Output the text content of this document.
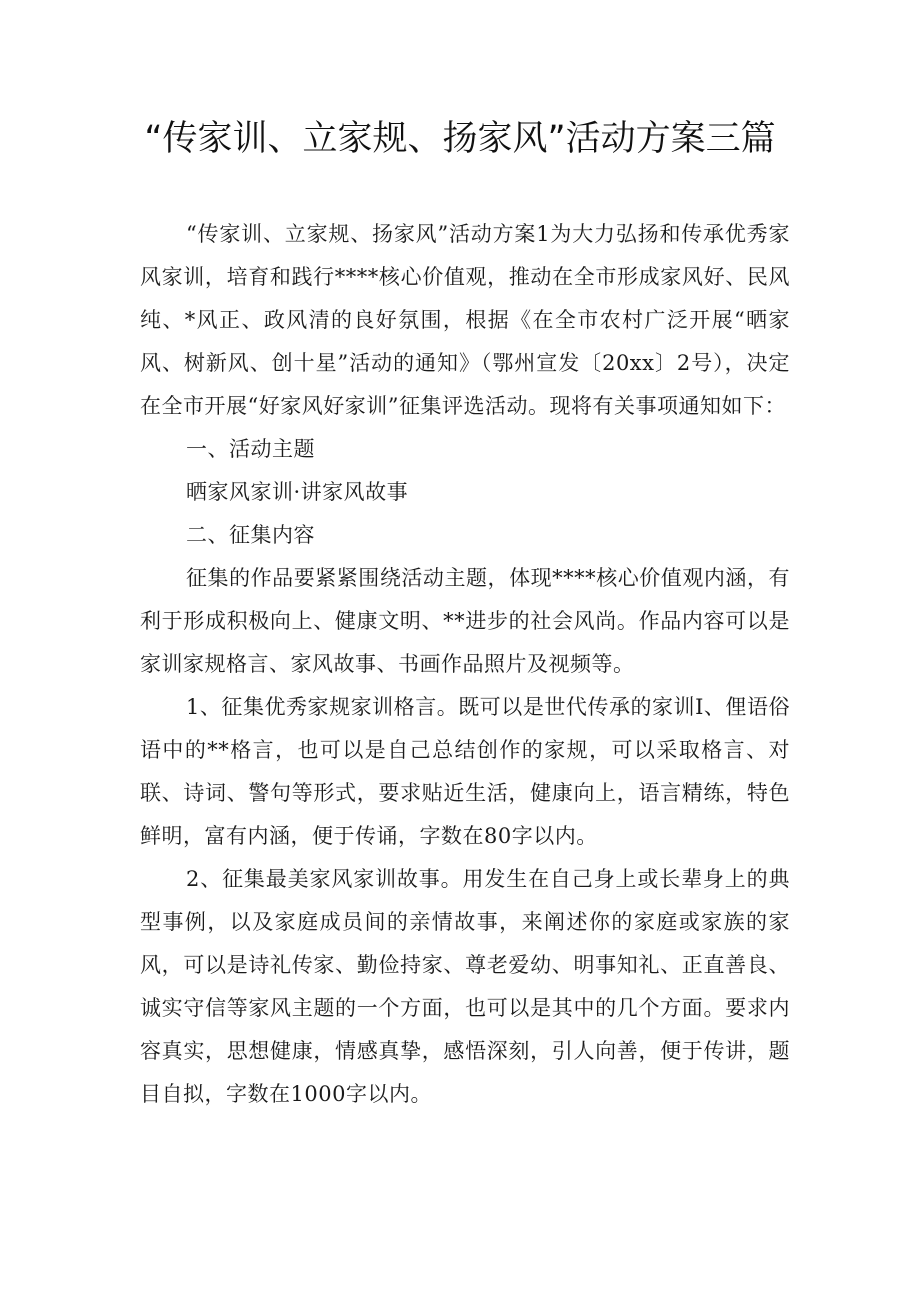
“传家训、立家规、扬家风”活动方案三篇

“传家训、立家规、扬家风”活动方案1为大力弘扬和传承优秀家风家训，培育和践行****核心价值观，推动在全市形成家风好、民风纯、*风正、政风清的良好氛围，根据《在全市农村广泛开展“晒家风、树新风、创十星”活动的通知》（鄂州宣发〔20xx〕2号），决定在全市开展“好家风好家训”征集评选活动。现将有关事项通知如下：

一、活动主题

晒家风家训·讲家风故事

二、征集内容

征集的作品要紧紧围绕活动主题，体现****核心价值观内涵，有利于形成积极向上、健康文明、**进步的社会风尚。作品内容可以是家训家规格言、家风故事、书画作品照片及视频等。

1、征集优秀家规家训格言。既可以是世代传承的家训I、俚语俗语中的**格言，也可以是自己总结创作的家规，可以采取格言、对联、诗词、警句等形式，要求贴近生活，健康向上，语言精练，特色鲜明，富有内涵，便于传诵，字数在80字以内。

2、征集最美家风家训故事。用发生在自己身上或长辈身上的典型事例，以及家庭成员间的亲情故事，来阐述你的家庭或家族的家风，可以是诗礼传家、勤俭持家、尊老爱幼、明事知礼、正直善良、诚实守信等家风主题的一个方面，也可以是其中的几个方面。要求内容真实，思想健康，情感真挚，感悟深刻，引人向善，便于传讲，题目自拟，字数在1000字以内。
